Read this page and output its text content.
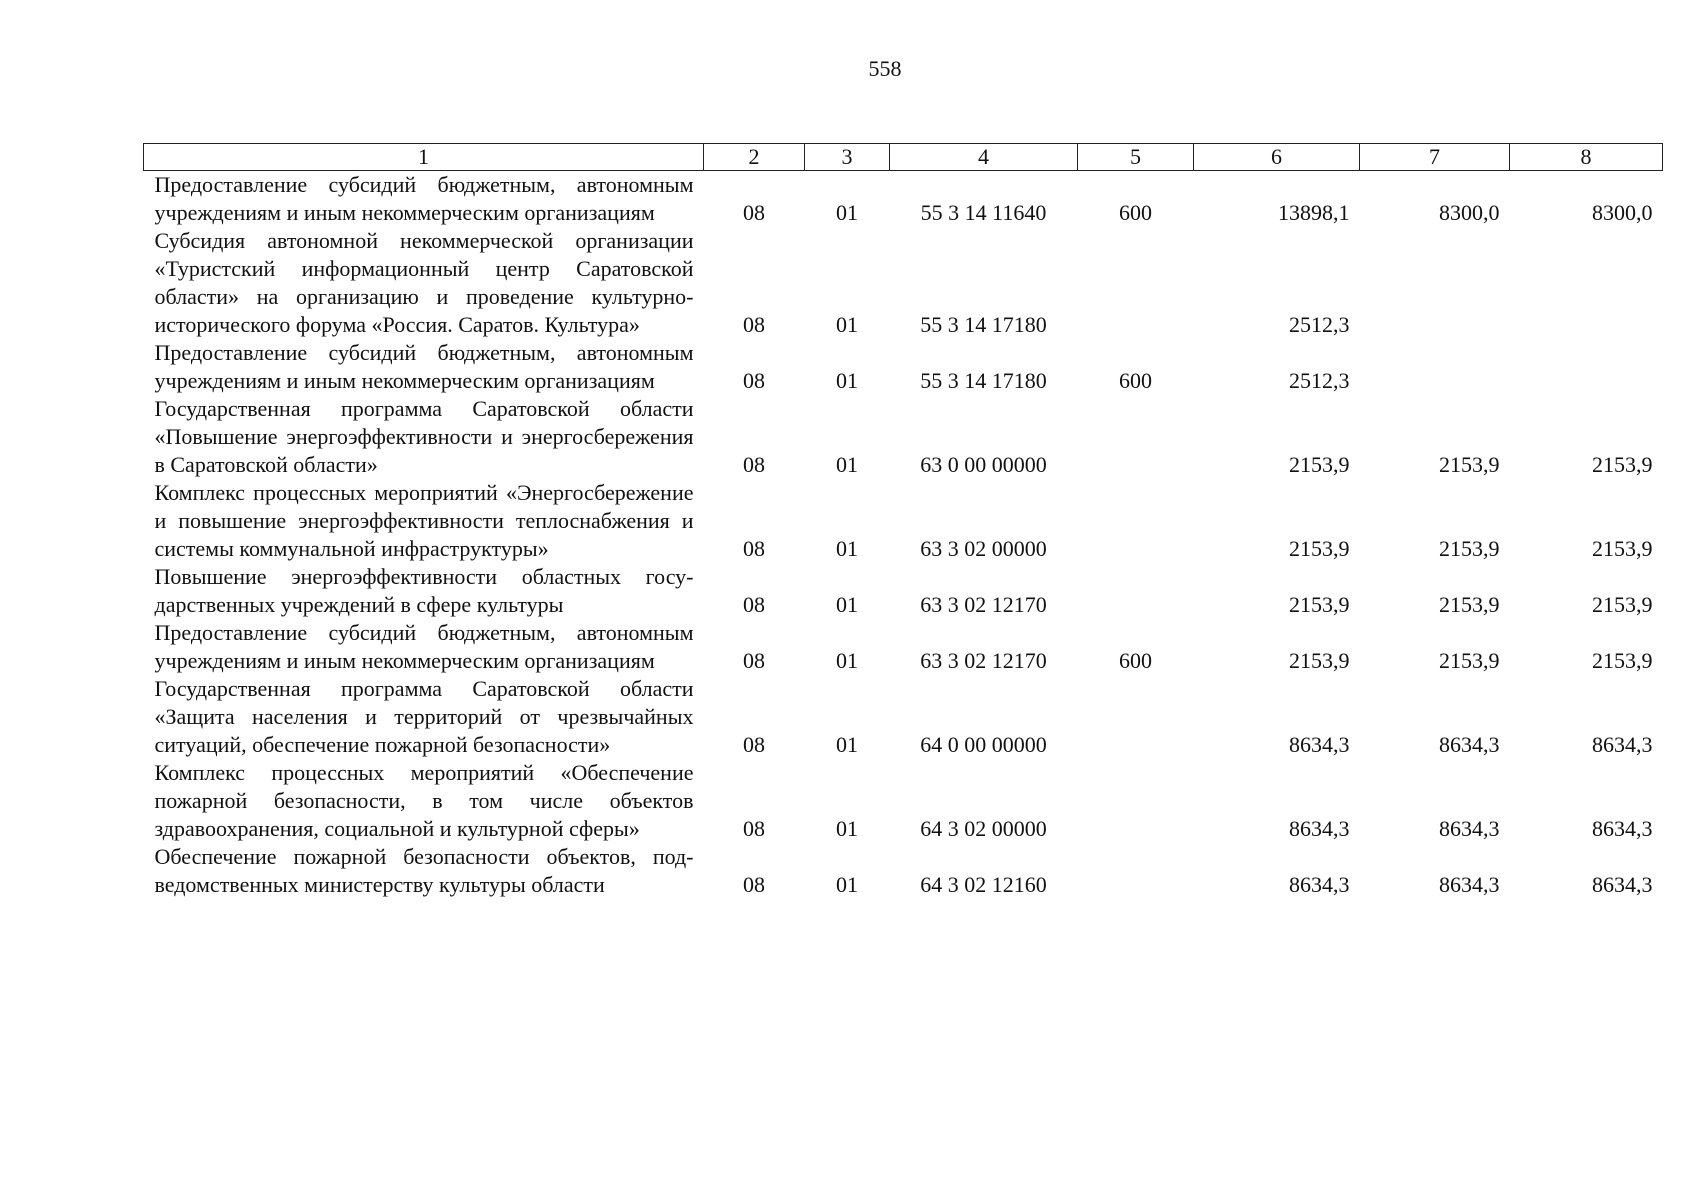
558
1	2	3	4	5	6	7	8
Предоставление субсидий бюджетным, автономным учреждениям и иным некоммерческим организациям	08	01	55 3 14 11640	600	13898,1	8300,0	8300,0
Субсидия автономной некоммерческой организации «Туристский информационный центр Саратовской области» на организацию и проведение культурно-исторического форума «Россия. Саратов. Культура»	08	01	55 3 14 17180		2512,3		
Предоставление субсидий бюджетным, автономным учреждениям и иным некоммерческим организациям	08	01	55 3 14 17180	600	2512,3		
Государственная программа Саратовской области «Повышение энергоэффективности и энергосбережения в Саратовской области»	08	01	63 0 00 00000		2153,9	2153,9	2153,9
Комплекс процессных мероприятий «Энергосбережение и повышение энергоэффективности теплоснабжения и системы коммунальной инфраструктуры»	08	01	63 3 02 00000		2153,9	2153,9	2153,9
Повышение энергоэффективности областных государственных учреждений в сфере культуры	08	01	63 3 02 12170		2153,9	2153,9	2153,9
Предоставление субсидий бюджетным, автономным учреждениям и иным некоммерческим организациям	08	01	63 3 02 12170	600	2153,9	2153,9	2153,9
Государственная программа Саратовской области «Защита населения и территорий от чрезвычайных ситуаций, обеспечение пожарной безопасности»	08	01	64 0 00 00000		8634,3	8634,3	8634,3
Комплекс процессных мероприятий «Обеспечение пожарной безопасности, в том числе объектов здравоохранения, социальной и культурной сферы»	08	01	64 3 02 00000		8634,3	8634,3	8634,3
Обеспечение пожарной безопасности объектов, подведомственных министерству культуры области	08	01	64 3 02 12160		8634,3	8634,3	8634,3
